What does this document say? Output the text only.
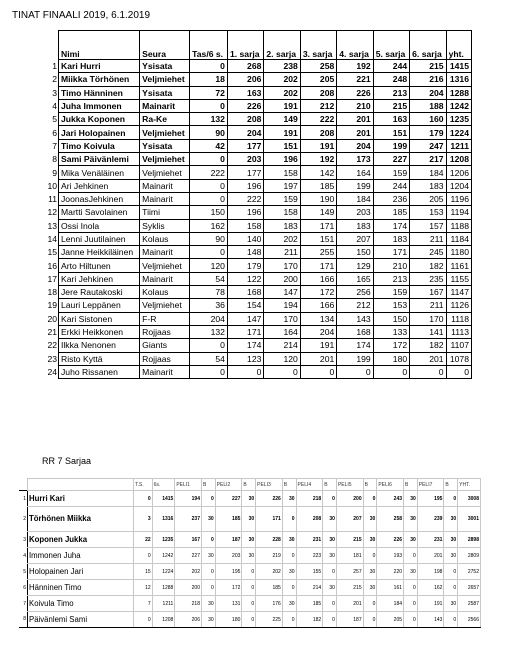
TINAT FINAALI 2019, 6.1.2019
	Nimi	Seura	Tas/6 s.	1. sarja	2. sarja	3. sarja	4. sarja	5. sarja	6. sarja	yht.
1	Kari Hurri	Ysisata	0	268	238	258	192	244	215	1415
2	Miikka Törhönen	Veljmiehet	18	206	202	205	221	248	216	1316
3	Timo Hänninen	Ysisata	72	163	202	208	226	213	204	1288
4	Juha Immonen	Mainarit	0	226	191	212	210	215	188	1242
5	Jukka Koponen	Ra-Ke	132	208	149	222	201	163	160	1235
6	Jari Holopainen	Veljmiehet	90	204	191	208	201	151	179	1224
7	Timo Koivula	Ysisata	42	177	151	191	204	199	247	1211
8	Sami Päivänlemi	Veljmiehet	0	203	196	192	173	227	217	1208
9	Mika Venäläinen	Veljmiehet	222	177	158	142	164	159	184	1206
10	Ari Jehkinen	Mainarit	0	196	197	185	199	244	183	1204
11	JoonasJehkinen	Mainarit	0	222	159	190	184	236	205	1196
12	Martti Savolainen	Tiimi	150	196	158	149	203	185	153	1194
13	Ossi Inola	Syklis	162	158	183	171	183	174	157	1188
14	Lenni Juutilainen	Kolaus	90	140	202	151	207	183	211	1184
15	Janne Heikkiläinen	Mainarit	0	148	211	255	150	171	245	1180
16	Arto Hiltunen	Veljmiehet	120	179	170	171	129	210	182	1161
17	Kari Jehkinen	Mainarit	54	122	200	166	165	213	235	1155
18	Jere Rautakoski	Kolaus	78	168	147	172	256	159	167	1147
19	Lauri Leppänen	Veljmiehet	36	154	194	166	212	153	211	1126
20	Kari Sistonen	F-R	204	147	170	134	143	150	170	1118
21	Erkki Heikkonen	Rojjaas	132	171	164	204	168	133	141	1113
22	Ilkka Nenonen	Giants	0	174	214	191	174	172	182	1107
23	Risto Kyttä	Rojjaas	54	123	120	201	199	180	201	1078
24	Juho Rissanen	Mainarit	0	0	0	0	0	0	0	0
RR 7 Sarjaa
		T.S.	6s.	PELI1	B	PELI2	B	PELI3	B	PELI4	B	PELI5	B	PELI6	B	PELI7	B	YHT.
1	Hurri Kari	0	1415	194	0	227	30	226	30	218	0	200	0	243	30	195	0	3008
2	Törhönen Miikka	3	1316	237	30	185	30	171	0	208	30	207	30	258	30	239	30	3001
3	Koponen Jukka	22	1235	167	0	187	30	228	30	231	30	215	30	226	30	231	30	2898
4	Immonen Juha	0	1242	227	30	203	30	219	0	223	30	181	0	193	0	201	30	2809
5	Holopainen Jari	15	1224	202	0	195	0	202	30	155	0	257	30	220	30	198	0	2752
6	Hänninen Timo	12	1288	200	0	172	0	185	0	214	30	215	30	161	0	162	0	2657
7	Koivula Timo	7	1211	218	30	131	0	176	30	185	0	201	0	184	0	191	30	2587
8	Päivänlemi Sami	0	1208	206	30	180	0	225	0	182	0	187	0	205	0	143	0	2566
